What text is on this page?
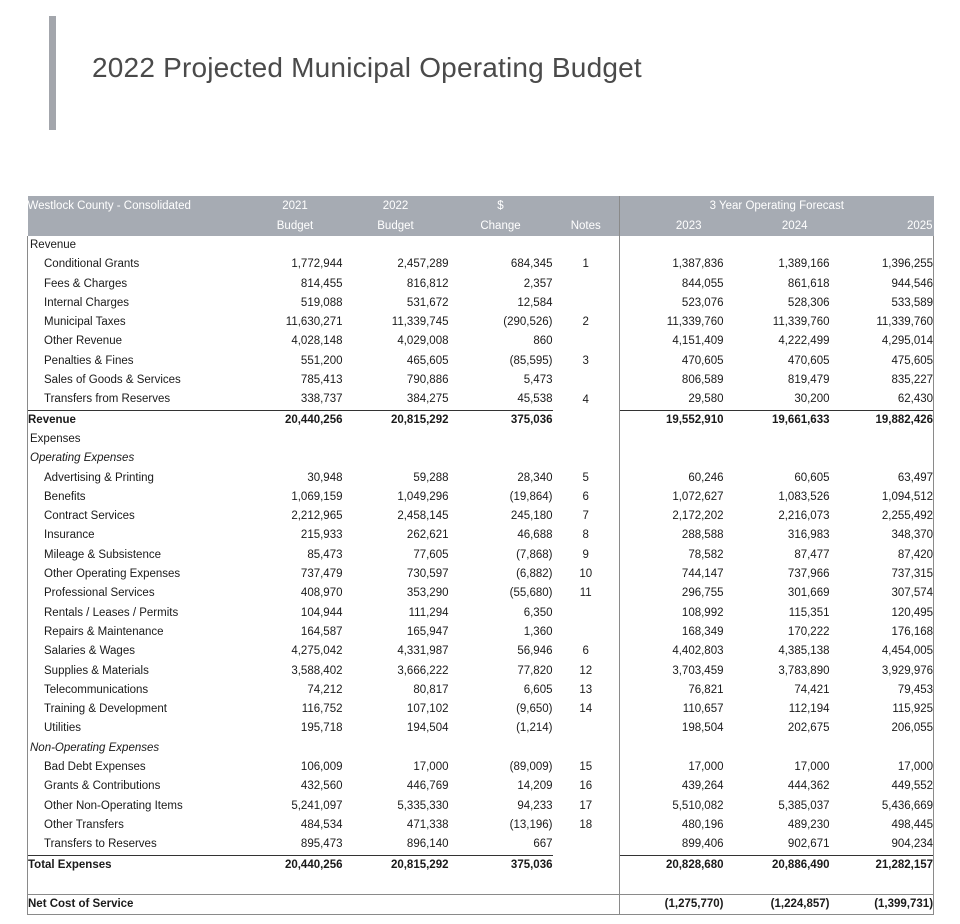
2022 Projected Municipal Operating Budget
Westlock County - Consolidated	2021	2022	$		3 Year Operating Forecast		
	Budget	Budget	Change	Notes	2023	2024	2025
Revenue							
Conditional Grants	1,772,944	2,457,289	684,345	1	1,387,836	1,389,166	1,396,255
Fees & Charges	814,455	816,812	2,357		844,055	861,618	944,546
Internal Charges	519,088	531,672	12,584		523,076	528,306	533,589
Municipal Taxes	11,630,271	11,339,745	(290,526)	2	11,339,760	11,339,760	11,339,760
Other Revenue	4,028,148	4,029,008	860		4,151,409	4,222,499	4,295,014
Penalties & Fines	551,200	465,605	(85,595)	3	470,605	470,605	475,605
Sales of Goods & Services	785,413	790,886	5,473		806,589	819,479	835,227
Transfers from Reserves	338,737	384,275	45,538	4	29,580	30,200	62,430
Revenue	20,440,256	20,815,292	375,036		19,552,910	19,661,633	19,882,426
Expenses							
Operating Expenses							
Advertising & Printing	30,948	59,288	28,340	5	60,246	60,605	63,497
Benefits	1,069,159	1,049,296	(19,864)	6	1,072,627	1,083,526	1,094,512
Contract Services	2,212,965	2,458,145	245,180	7	2,172,202	2,216,073	2,255,492
Insurance	215,933	262,621	46,688	8	288,588	316,983	348,370
Mileage & Subsistence	85,473	77,605	(7,868)	9	78,582	87,477	87,420
Other Operating Expenses	737,479	730,597	(6,882)	10	744,147	737,966	737,315
Professional Services	408,970	353,290	(55,680)	11	296,755	301,669	307,574
Rentals / Leases / Permits	104,944	111,294	6,350		108,992	115,351	120,495
Repairs & Maintenance	164,587	165,947	1,360		168,349	170,222	176,168
Salaries & Wages	4,275,042	4,331,987	56,946	6	4,402,803	4,385,138	4,454,005
Supplies & Materials	3,588,402	3,666,222	77,820	12	3,703,459	3,783,890	3,929,976
Telecommunications	74,212	80,817	6,605	13	76,821	74,421	79,453
Training & Development	116,752	107,102	(9,650)	14	110,657	112,194	115,925
Utilities	195,718	194,504	(1,214)		198,504	202,675	206,055
Non-Operating Expenses							
Bad Debt Expenses	106,009	17,000	(89,009)	15	17,000	17,000	17,000
Grants & Contributions	432,560	446,769	14,209	16	439,264	444,362	449,552
Other Non-Operating Items	5,241,097	5,335,330	94,233	17	5,510,082	5,385,037	5,436,669
Other Transfers	484,534	471,338	(13,196)	18	480,196	489,230	498,445
Transfers to Reserves	895,473	896,140	667		899,406	902,671	904,234
Total Expenses	20,440,256	20,815,292	375,036		20,828,680	20,886,490	21,282,157

Net Cost of Service					(1,275,770)	(1,224,857)	(1,399,731)
